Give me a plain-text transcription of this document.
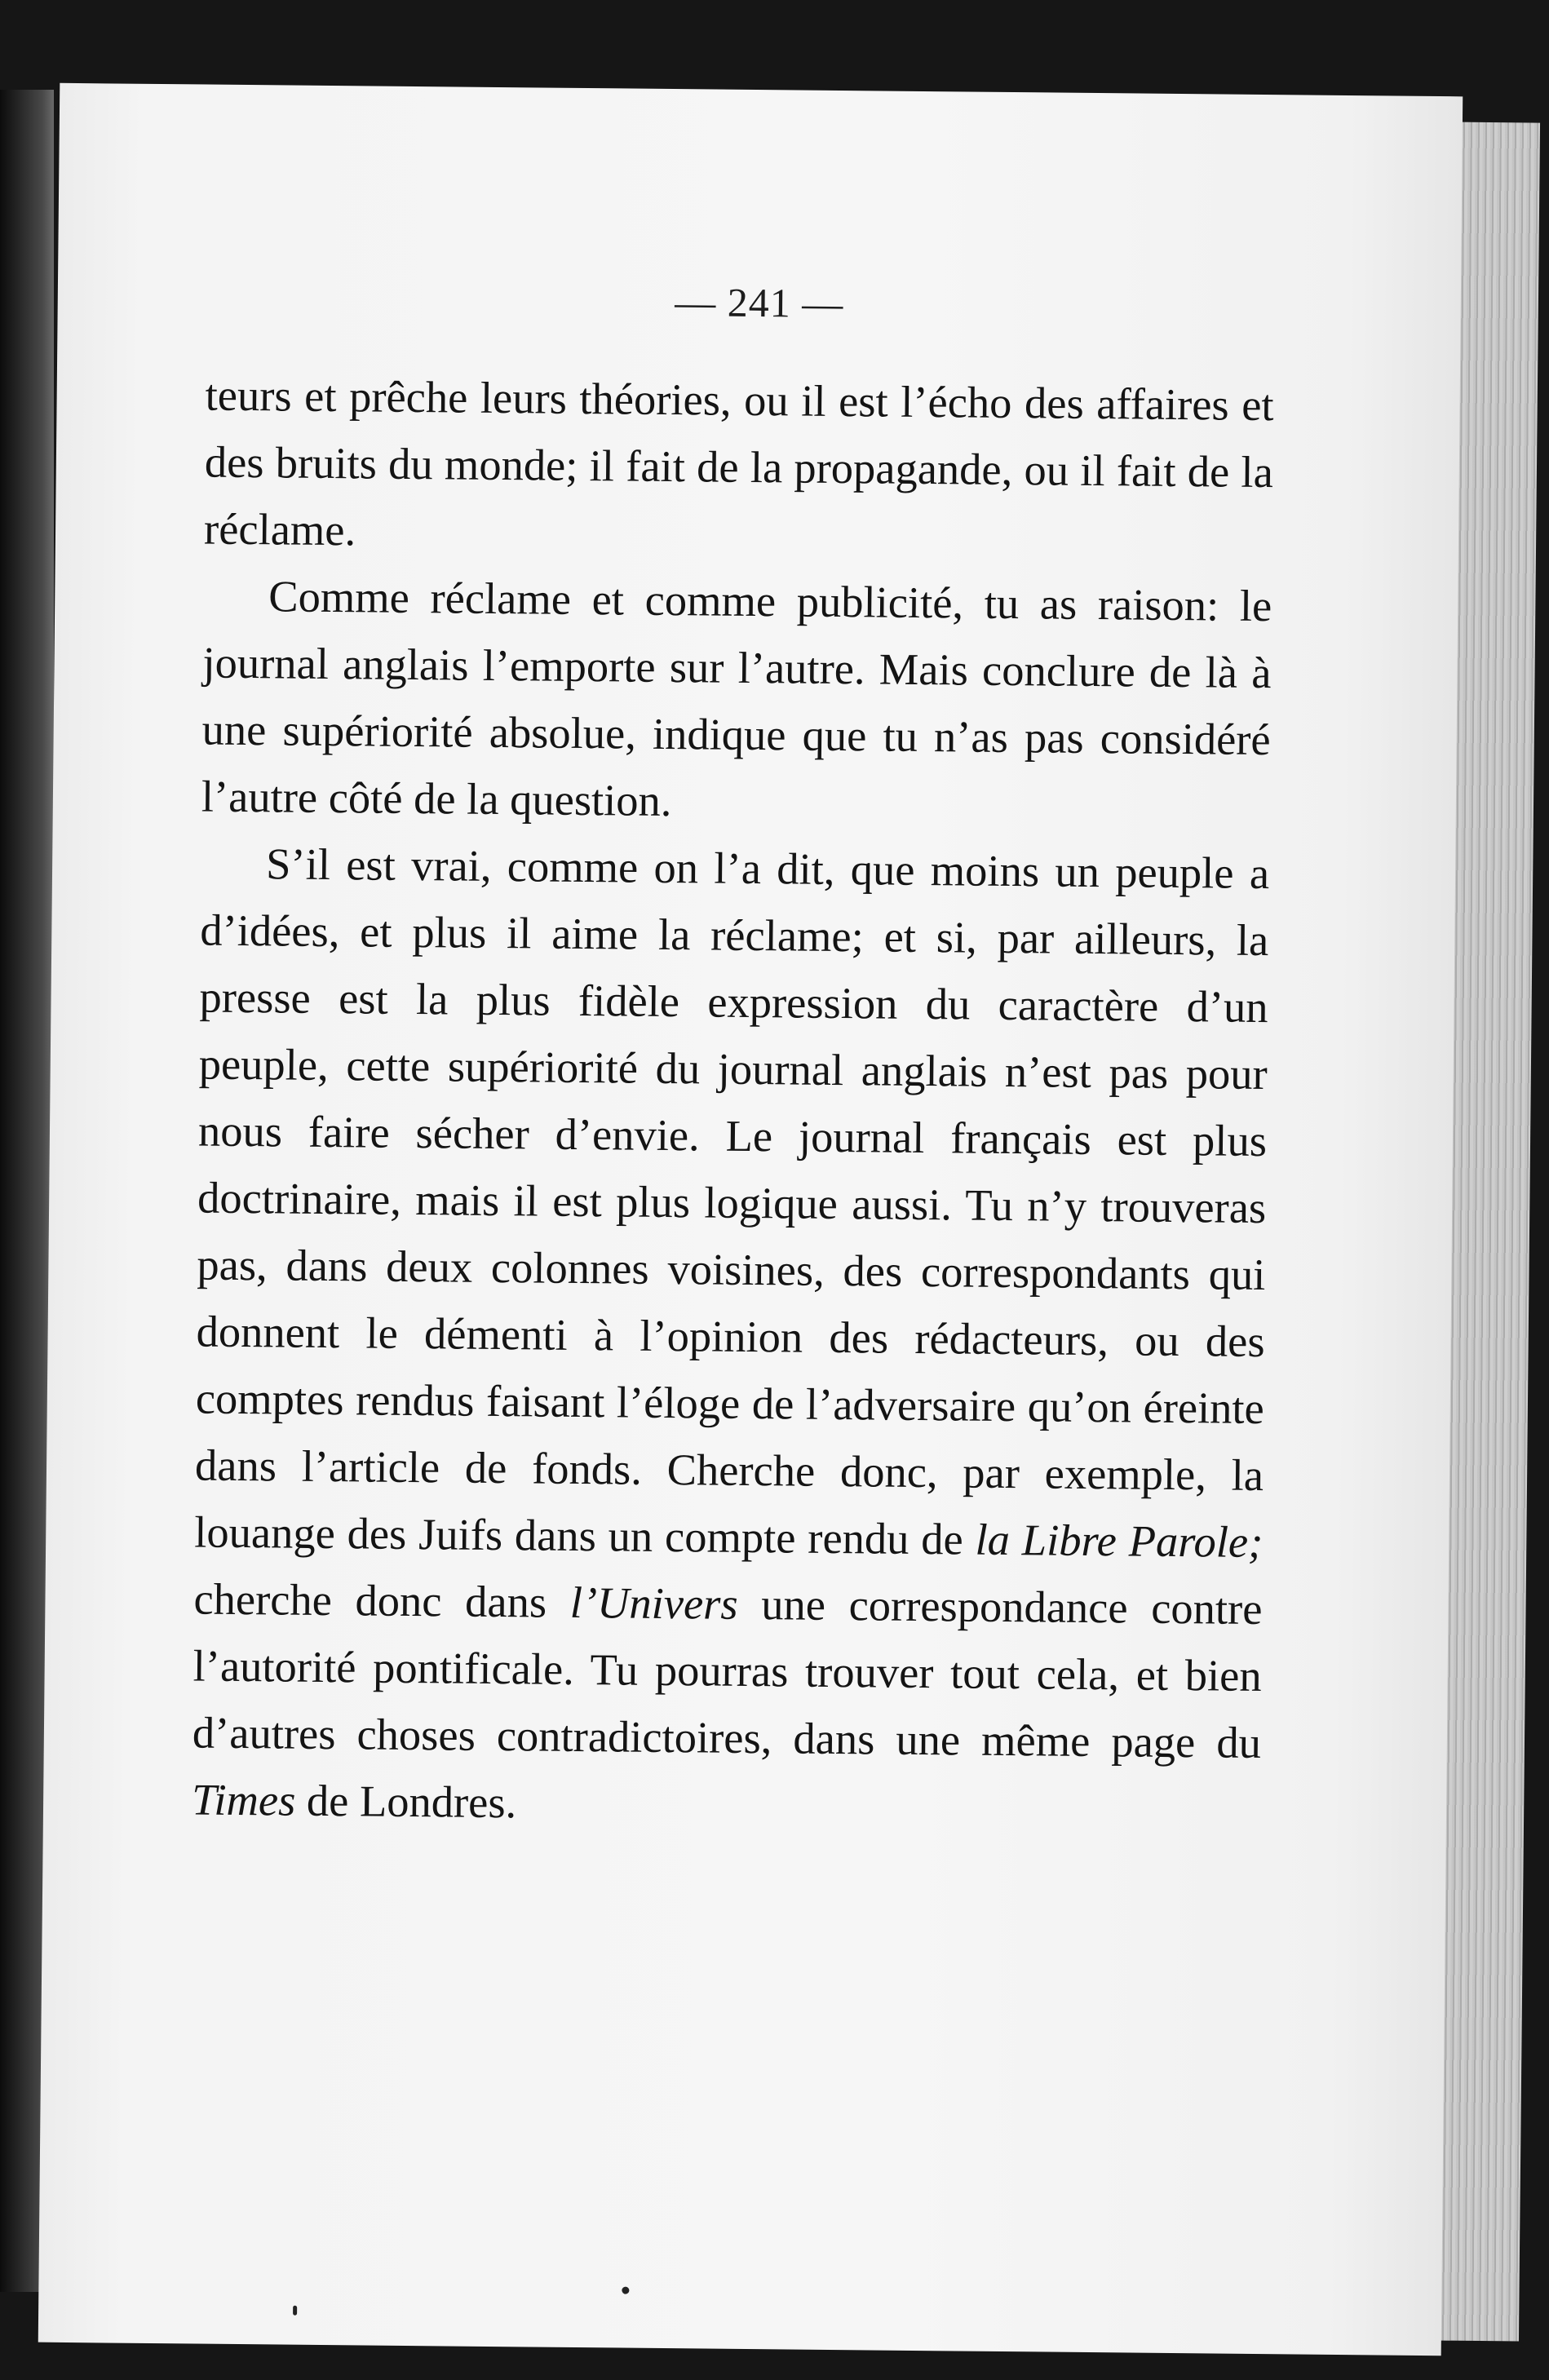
— 241 —

teurs et prêche leurs théories, ou il est l’écho des affaires et des bruits du monde; il fait de la propagande, ou il fait de la réclame.

Comme réclame et comme publicité, tu as raison: le journal anglais l’emporte sur l’autre. Mais conclure de là à une supériorité absolue, indique que tu n’as pas considéré l’autre côté de la question.

S’il est vrai, comme on l’a dit, que moins un peuple a d’idées, et plus il aime la réclame; et si, par ailleurs, la presse est la plus fidèle expression du caractère d’un peuple, cette supériorité du journal anglais n’est pas pour nous faire sécher d’envie. Le journal français est plus doctrinaire, mais il est plus logique aussi. Tu n’y trouveras pas, dans deux colonnes voisines, des correspondants qui donnent le démenti à l’opinion des rédacteurs, ou des comptes rendus faisant l’éloge de l’adversaire qu’on éreinte dans l’article de fonds. Cherche donc, par exemple, la louange des Juifs dans un compte rendu de la Libre Parole; cherche donc dans l’Univers une correspondance contre l’autorité pontificale. Tu pourras trouver tout cela, et bien d’autres choses contradictoires, dans une même page du Times de Londres.
